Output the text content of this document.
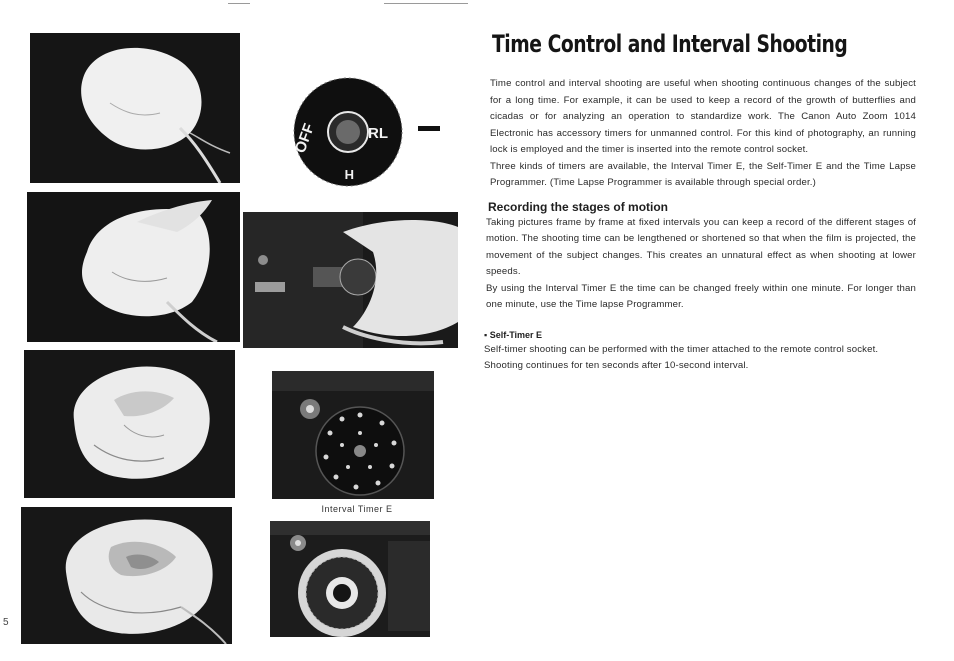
OFF	RL
H
Interval Timer E
5
Time Control and Interval Shooting

Time control and interval shooting are useful when shooting continuous changes of the subject for a long time. For example, it can be used to keep a record of the growth of butterflies and cicadas or for analyzing an operation to standardize work. The Canon Auto Zoom 1014 Electronic has accessory timers for unmanned control. For this kind of photography, an running lock is employed and the timer is inserted into the remote control socket.

Three kinds of timers are available, the Interval Timer E, the Self-Timer E and the Time Lapse Programmer. (Time Lapse Programmer is available through special order.)

Recording the stages of motion

Taking pictures frame by frame at fixed intervals you can keep a record of the different stages of motion. The shooting time can be lengthened or shortened so that when the film is projected, the movement of the subject changes. This creates an unnatural effect as when shooting at lower speeds.

By using the Interval Timer E the time can be changed freely within one minute. For longer than one minute, use the Time lapse Programmer.

▪ Self-Timer E

Self-timer shooting can be performed with the timer attached to the remote control socket.

Shooting continues for ten seconds after 10-second interval.
